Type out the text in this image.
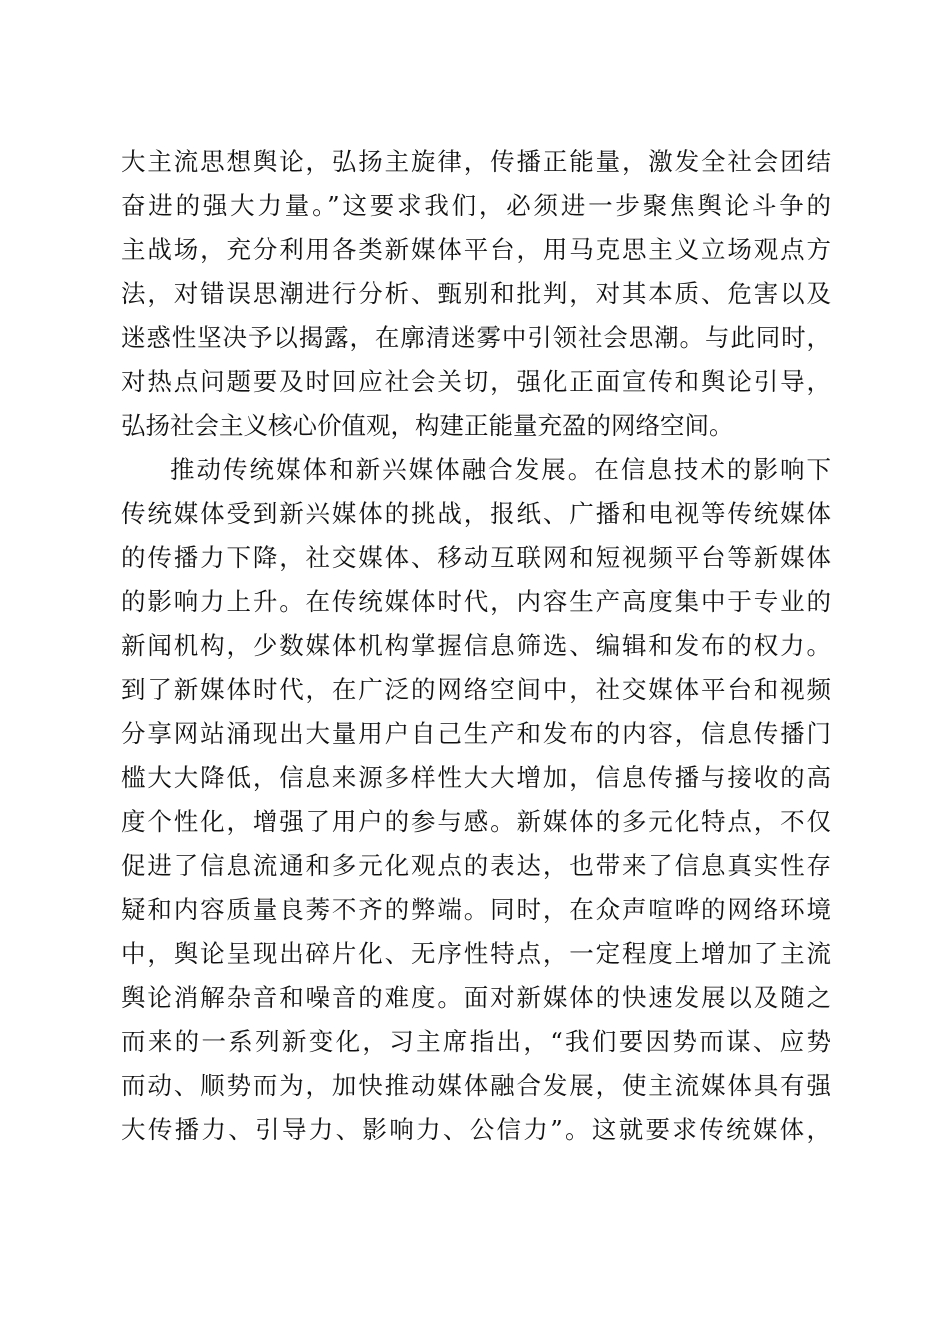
大主流思想舆论，弘扬主旋律，传播正能量，激发全社会团结
奋进的强大力量。”这要求我们，必须进一步聚焦舆论斗争的
主战场，充分利用各类新媒体平台，用马克思主义立场观点方
法，对错误思潮进行分析、甄别和批判，对其本质、危害以及
迷惑性坚决予以揭露，在廓清迷雾中引领社会思潮。与此同时，
对热点问题要及时回应社会关切，强化正面宣传和舆论引导，
弘扬社会主义核心价值观，构建正能量充盈的网络空间。
推动传统媒体和新兴媒体融合发展。在信息技术的影响下
传统媒体受到新兴媒体的挑战，报纸、广播和电视等传统媒体
的传播力下降，社交媒体、移动互联网和短视频平台等新媒体
的影响力上升。在传统媒体时代，内容生产高度集中于专业的
新闻机构，少数媒体机构掌握信息筛选、编辑和发布的权力。
到了新媒体时代，在广泛的网络空间中，社交媒体平台和视频
分享网站涌现出大量用户自己生产和发布的内容，信息传播门
槛大大降低，信息来源多样性大大增加，信息传播与接收的高
度个性化，增强了用户的参与感。新媒体的多元化特点，不仅
促进了信息流通和多元化观点的表达，也带来了信息真实性存
疑和内容质量良莠不齐的弊端。同时，在众声喧哗的网络环境
中，舆论呈现出碎片化、无序性特点，一定程度上增加了主流
舆论消解杂音和噪音的难度。面对新媒体的快速发展以及随之
而来的一系列新变化，习主席指出，“我们要因势而谋、应势
而动、顺势而为，加快推动媒体融合发展，使主流媒体具有强
大传播力、引导力、影响力、公信力”。这就要求传统媒体，
